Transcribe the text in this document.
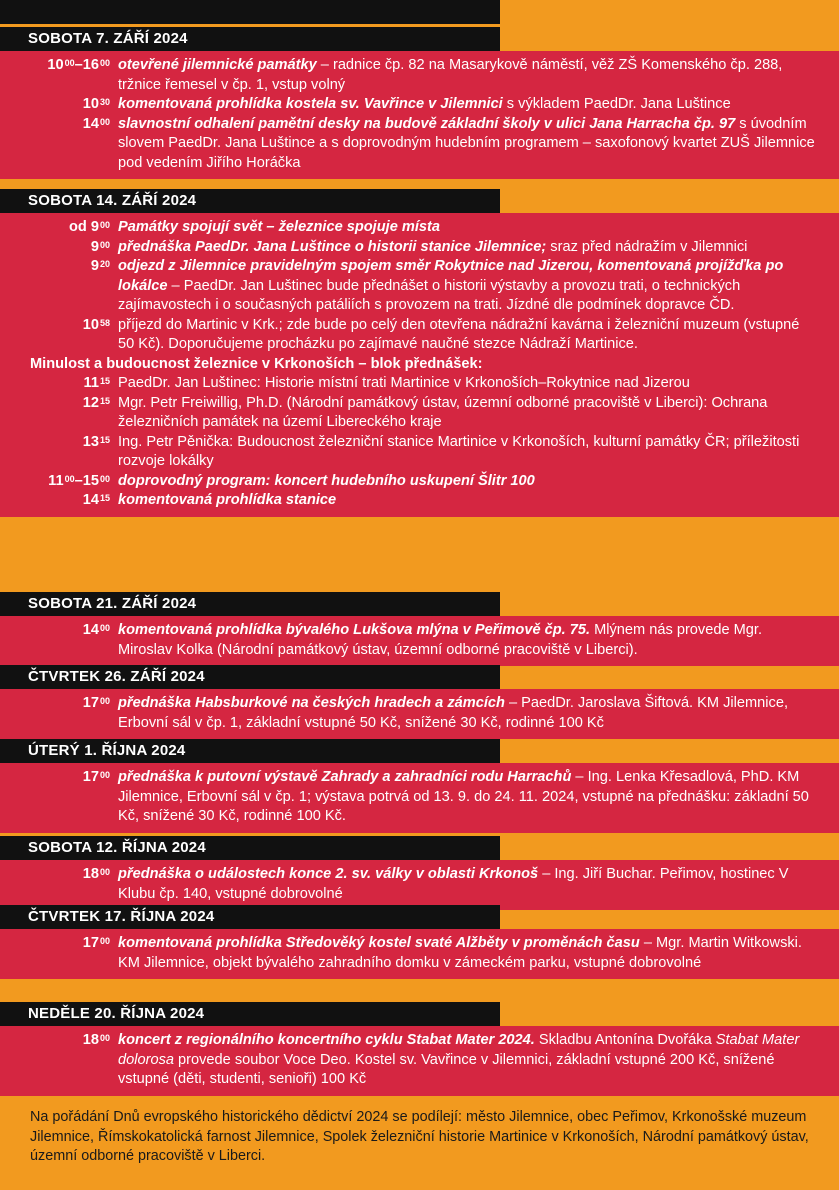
SOBOTA 7. ZÁŘÍ 2024
$10^{00}-16^{00}$ otevřené jilemnické památky – radnice čp. 82 na Masarykově náměstí, věž ZŠ Komenského čp. 288, tržnice řemesel v čp. 1, vstup volný
$10^{30}$ komentovaná prohlídka kostela sv. Vavřince v Jilemnici s výkladem PaedDr. Jana Luštince
$14^{00}$ slavnostní odhalení pamětní desky na budově základní školy v ulici Jana Harracha čp. 97 s úvodním slovem PaedDr. Jana Luštince a s doprovodným hudebním programem – saxofonový kvartet ZUŠ Jilemnice pod vedením Jiřího Horáčka
SOBOTA 14. ZÁŘÍ 2024
od $9^{00}$ Památky spojují svět – železnice spojuje místa
$9^{00}$ přednáška PaedDr. Jana Luštince o historii stanice Jilemnice; sraz před nádražím v Jilemnici
$9^{20}$ odjezd z Jilemnice pravidelným spojem směr Rokytnice nad Jizerou, komentovaná projížďka po lokálce – PaedDr. Jan Luštinec bude přednášet o historii výstavby a provozu trati, o technických zajímavostech i o současných patáliích s provozem na trati. Jízdné dle podmínek dopravce ČD.
$10^{58}$ příjezd do Martinic v Krk.; zde bude po celý den otevřena nádražní kavárna i železniční muzeum (vstupné 50 Kč). Doporučujeme procházku po zajímavé naučné stezce Nádraží Martinice.
Minulost a budoucnost železnice v Krkonoších – blok přednášek:
$11^{15}$ PaedDr. Jan Luštinec: Historie místní trati Martinice v Krkonoších–Rokytnice nad Jizerou
$12^{15}$ Mgr. Petr Freiwillig, Ph.D. (Národní památkový ústav, územní odborné pracoviště v Liberci): Ochrana železničních památek na území Libereckého kraje
$13^{15}$ Ing. Petr Pěnička: Budoucnost železniční stanice Martinice v Krkonoších, kulturní památky ČR; příležitosti rozvoje lokálky
$11^{00}-15^{00}$ doprovodný program: koncert hudebního uskupení Šlitr 100
$14^{15}$ komentovaná prohlídka stanice
SOBOTA 21. ZÁŘÍ 2024
$14^{00}$ komentovaná prohlídka bývalého Lukšova mlýna v Peřimově čp. 75. Mlýnem nás provede Mgr. Miroslav Kolka (Národní památkový ústav, územní odborné pracoviště v Liberci).
ČTVRTEK 26. ZÁŘÍ 2024
$17^{00}$ přednáška Habsburkové na českých hradech a zámcích – PaedDr. Jaroslava Šiftová. KM Jilemnice, Erbovní sál v čp. 1, základní vstupné 50 Kč, snížené 30 Kč, rodinné 100 Kč
ÚTERÝ 1. ŘÍJNA 2024
$17^{00}$ přednáška k putovní výstavě Zahrady a zahradníci rodu Harrachů – Ing. Lenka Křesadlová, PhD. KM Jilemnice, Erbovní sál v čp. 1; výstava potrvá od 13. 9. do 24. 11. 2024, vstupné na přednášku: základní 50 Kč, snížené 30 Kč, rodinné 100 Kč.
SOBOTA 12. ŘÍJNA 2024
$18^{00}$ přednáška o událostech konce 2. sv. války v oblasti Krkonoš – Ing. Jiří Buchar. Peřimov, hostinec V Klubu čp. 140, vstupné dobrovolné
ČTVRTEK 17. ŘÍJNA 2024
$17^{00}$ komentovaná prohlídka Středověký kostel svaté Alžběty v proměnách času – Mgr. Martin Witkowski. KM Jilemnice, objekt bývalého zahradního domku v zámeckém parku, vstupné dobrovolné
NEDĚLE 20. ŘÍJNA 2024
$18^{00}$ koncert z regionálního koncertního cyklu Stabat Mater 2024. Skladbu Antonína Dvořáka Stabat Mater dolorosa provede soubor Voce Deo. Kostel sv. Vavřince v Jilemnici, základní vstupné 200 Kč, snížené vstupné (děti, studenti, senioři) 100 Kč
Na pořádání Dnů evropského historického dědictví 2024 se podílejí: město Jilemnice, obec Peřimov, Krkonošské muzeum Jilemnice, Římskokatolická farnost Jilemnice, Spolek železniční historie Martinice v Krkonoších, Národní památkový ústav, územní odborné pracoviště v Liberci.
